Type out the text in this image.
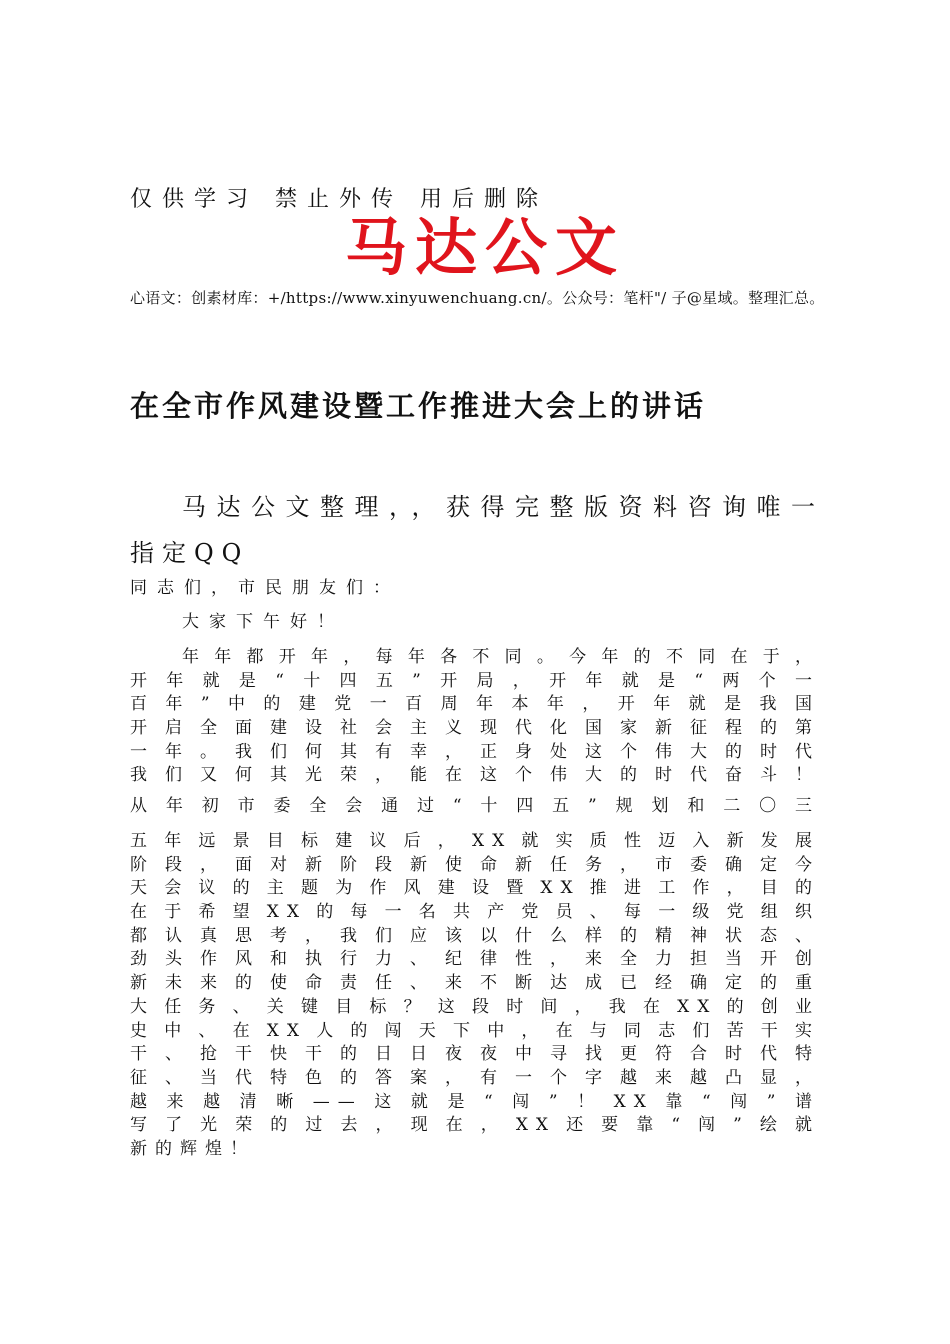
仅供学习 禁止外传 用后删除
马达公文
心语文：创素材库：+/https://www.xinyuwenchuang.cn/。公众号：笔杆"/ 子@星域。整理汇总。
在全市作风建设暨工作推进大会上的讲话
马达公文整理，，获得完整版资料咨询唯一
指定QQ
同志们，市民朋友们：
大家下午好！
年年都开年，每年各不同。今年的不同在于，
开年就是“十四五”开局，开年就是“两个一
百年”中的建党一百周年本年，开年就是我国
开启全面建设社会主义现代化国家新征程的第
一年。我们何其有幸，正身处这个伟大的时代
我们又何其光荣，能在这个伟大的时代奋斗！
从年初市委全会通过“十四五”规划和二〇三
五年远景目标建议后，XX就实质性迈入新发展
阶段，面对新阶段新使命新任务，市委确定今
天会议的主题为作风建设暨XX推进工作，目的
在于希望XX的每一名共产党员、每一级党组织
都认真思考，我们应该以什么样的精神状态、
劲头作风和执行力、纪律性，来全力担当开创
新未来的使命责任、来不断达成已经确定的重
大任务、关键目标？这段时间，我在XX的创业
史中、在XX人的闯天下中，在与同志们苦干实
干、抢干快干的日日夜夜中寻找更符合时代特
征、当代特色的答案，有一个字越来越凸显，
越来越清晰——这就是“闯”！XX靠“闯”谱
写了光荣的过去，现在，XX还要靠“闯”绘就
新的辉煌！
